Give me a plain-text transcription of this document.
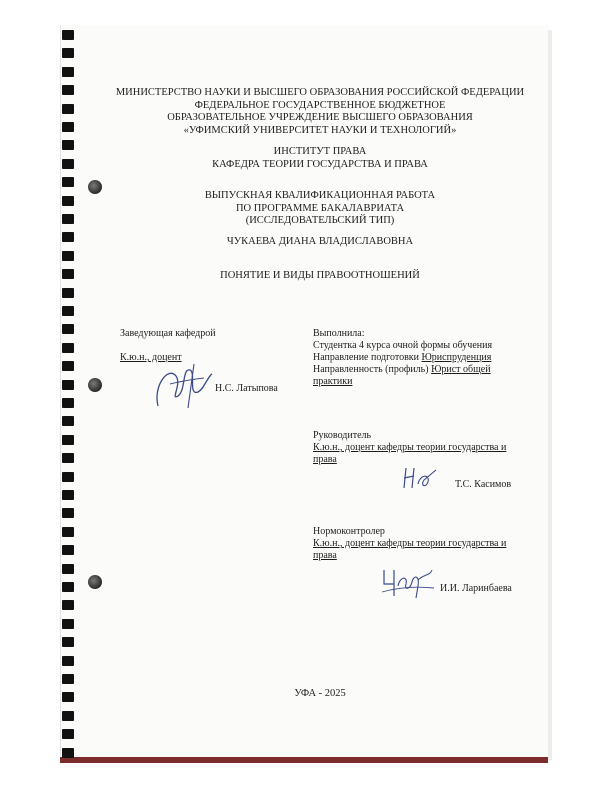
МИНИСТЕРСТВО НАУКИ И ВЫСШЕГО ОБРАЗОВАНИЯ РОССИЙСКОЙ ФЕДЕРАЦИИ
ФЕДЕРАЛЬНОЕ ГОСУДАРСТВЕННОЕ БЮДЖЕТНОЕ
ОБРАЗОВАТЕЛЬНОЕ УЧРЕЖДЕНИЕ ВЫСШЕГО ОБРАЗОВАНИЯ
«УФИМСКИЙ УНИВЕРСИТЕТ НАУКИ И ТЕХНОЛОГИЙ»
ИНСТИТУТ ПРАВА
КАФЕДРА ТЕОРИИ ГОСУДАРСТВА И ПРАВА
ВЫПУСКНАЯ КВАЛИФИКАЦИОННАЯ РАБОТА
ПО ПРОГРАММЕ БАКАЛАВРИАТА
(ИССЛЕДОВАТЕЛЬСКИЙ ТИП)
ЧУКАЕВА ДИАНА ВЛАДИСЛАВОВНА
ПОНЯТИЕ И ВИДЫ ПРАВООТНОШЕНИЙ
Заведующая кафедрой
К.ю.н., доцент
Н.С. Латыпова
Выполнила:
Студентка 4 курса очной формы обучения
Направление подготовки Юриспруденция
Направленность (профиль) Юрист общей
практики
Руководитель
К.ю.н., доцент кафедры теории государства и
права
Т.С. Касимов
Нормоконтролер
К.ю.н., доцент кафедры теории государства и
права
И.И. Ларинбаева
УФА - 2025
